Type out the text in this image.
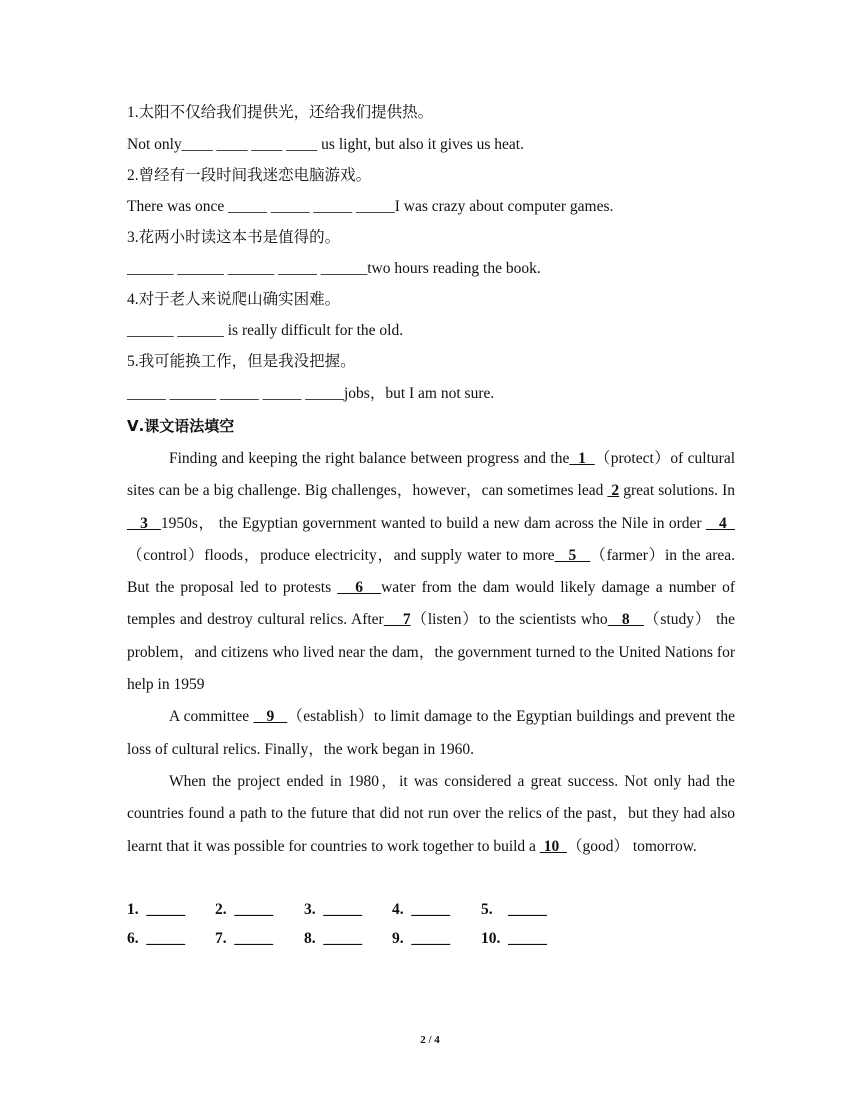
1.太阳不仅给我们提供光，还给我们提供热。
Not only____ ____ ____ ____ us light, but also it gives us heat.
2.曾经有一段时间我迷恋电脑游戏。
There was once _____ _____ _____ _____I was crazy about computer games.
3.花两小时读这本书是值得的。
______ ______ ______ _____ ______two hours reading the book.
4.对于老人来说爬山确实困难。
______ ______ is really difficult for the old.
5.我可能换工作，但是我没把握。
_____ ______ _____ _____ _____jobs，but I am not sure.
Ⅴ.课文语法填空

Finding and keeping the right balance between progress and the  1  （protect）of cultural sites can be a big challenge. Big challenges，however，can sometimes lead  2 great solutions. In   3   1950s， the Egyptian government wanted to build a new dam across the Nile in order    4   （control）floods，produce electricity，and supply water to more   5   （farmer）in the area. But the proposal led to protests    6   water from the dam would likely damage a number of temples and destroy cultural relics. After    7（listen）to the scientists who   8   （study） the problem，and citizens who lived near the dam，the government turned to the United Nations for help in 1959

A committee    9   （establish）to limit damage to the Egyptian buildings and prevent the loss of cultural relics. Finally，the work began in 1960.

When the project ended in 1980，it was considered a great success. Not only had the countries found a path to the future that did not run over the relics of the past，but they had also learnt that it was possible for countries to work together to build a  10  （good） tomorrow.

1.  _____ 2.  _____ 3.  _____ 4.  _____ 5.    _____
6.  _____ 7.  _____ 8.  _____ 9.  _____ 10.  _____
2 / 4
